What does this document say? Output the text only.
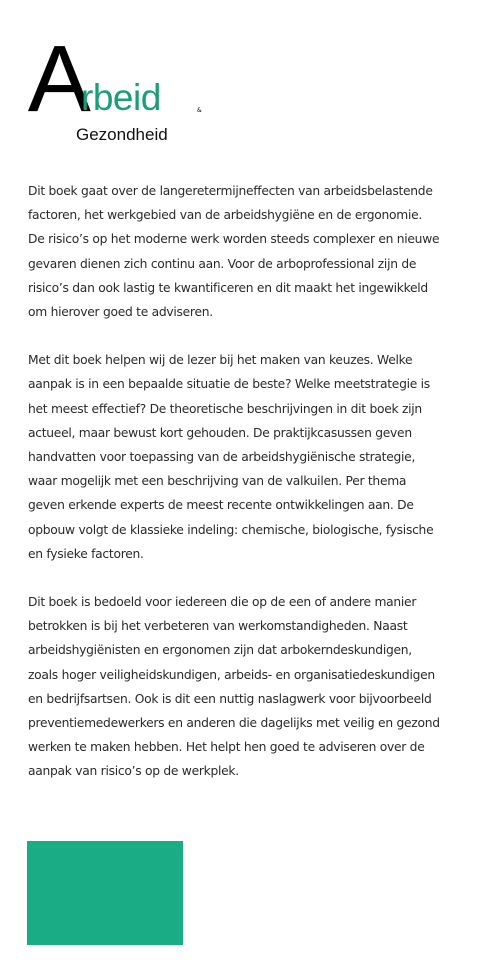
A
rbeid	&
Gezondheid

Dit boek gaat over de langeretermijneffecten van arbeidsbelastende
factoren, het werkgebied van de arbeidshygiëne en de ergonomie.
De risico’s op het moderne werk worden steeds complexer en nieuwe
gevaren dienen zich continu aan. Voor de arboprofessional zijn de
risico’s dan ook lastig te kwantificeren en dit maakt het ingewikkeld
om hierover goed te adviseren.

Met dit boek helpen wij de lezer bij het maken van keuzes. Welke
aanpak is in een bepaalde situatie de beste? Welke meetstrategie is
het meest effectief? De theoretische beschrijvingen in dit boek zijn
actueel, maar bewust kort gehouden. De praktijkcasussen geven
handvatten voor toepassing van de arbeidshygiënische strategie,
waar mogelijk met een beschrijving van de valkuilen. Per thema
geven erkende experts de meest recente ontwikkelingen aan. De
opbouw volgt de klassieke indeling: chemische, biologische, fysische
en fysieke factoren.

Dit boek is bedoeld voor iedereen die op de een of andere manier
betrokken is bij het verbeteren van werkomstandigheden. Naast
arbeidshygiënisten en ergonomen zijn dat arbokerndeskundigen,
zoals hoger veiligheidskundigen, arbeids- en organisatiedeskundigen
en bedrijfsartsen. Ook is dit een nuttig naslagwerk voor bijvoorbeeld
preventiemedewerkers en anderen die dagelijks met veilig en gezond
werken te maken hebben. Het helpt hen goed te adviseren over de
aanpak van risico’s op de werkplek.
